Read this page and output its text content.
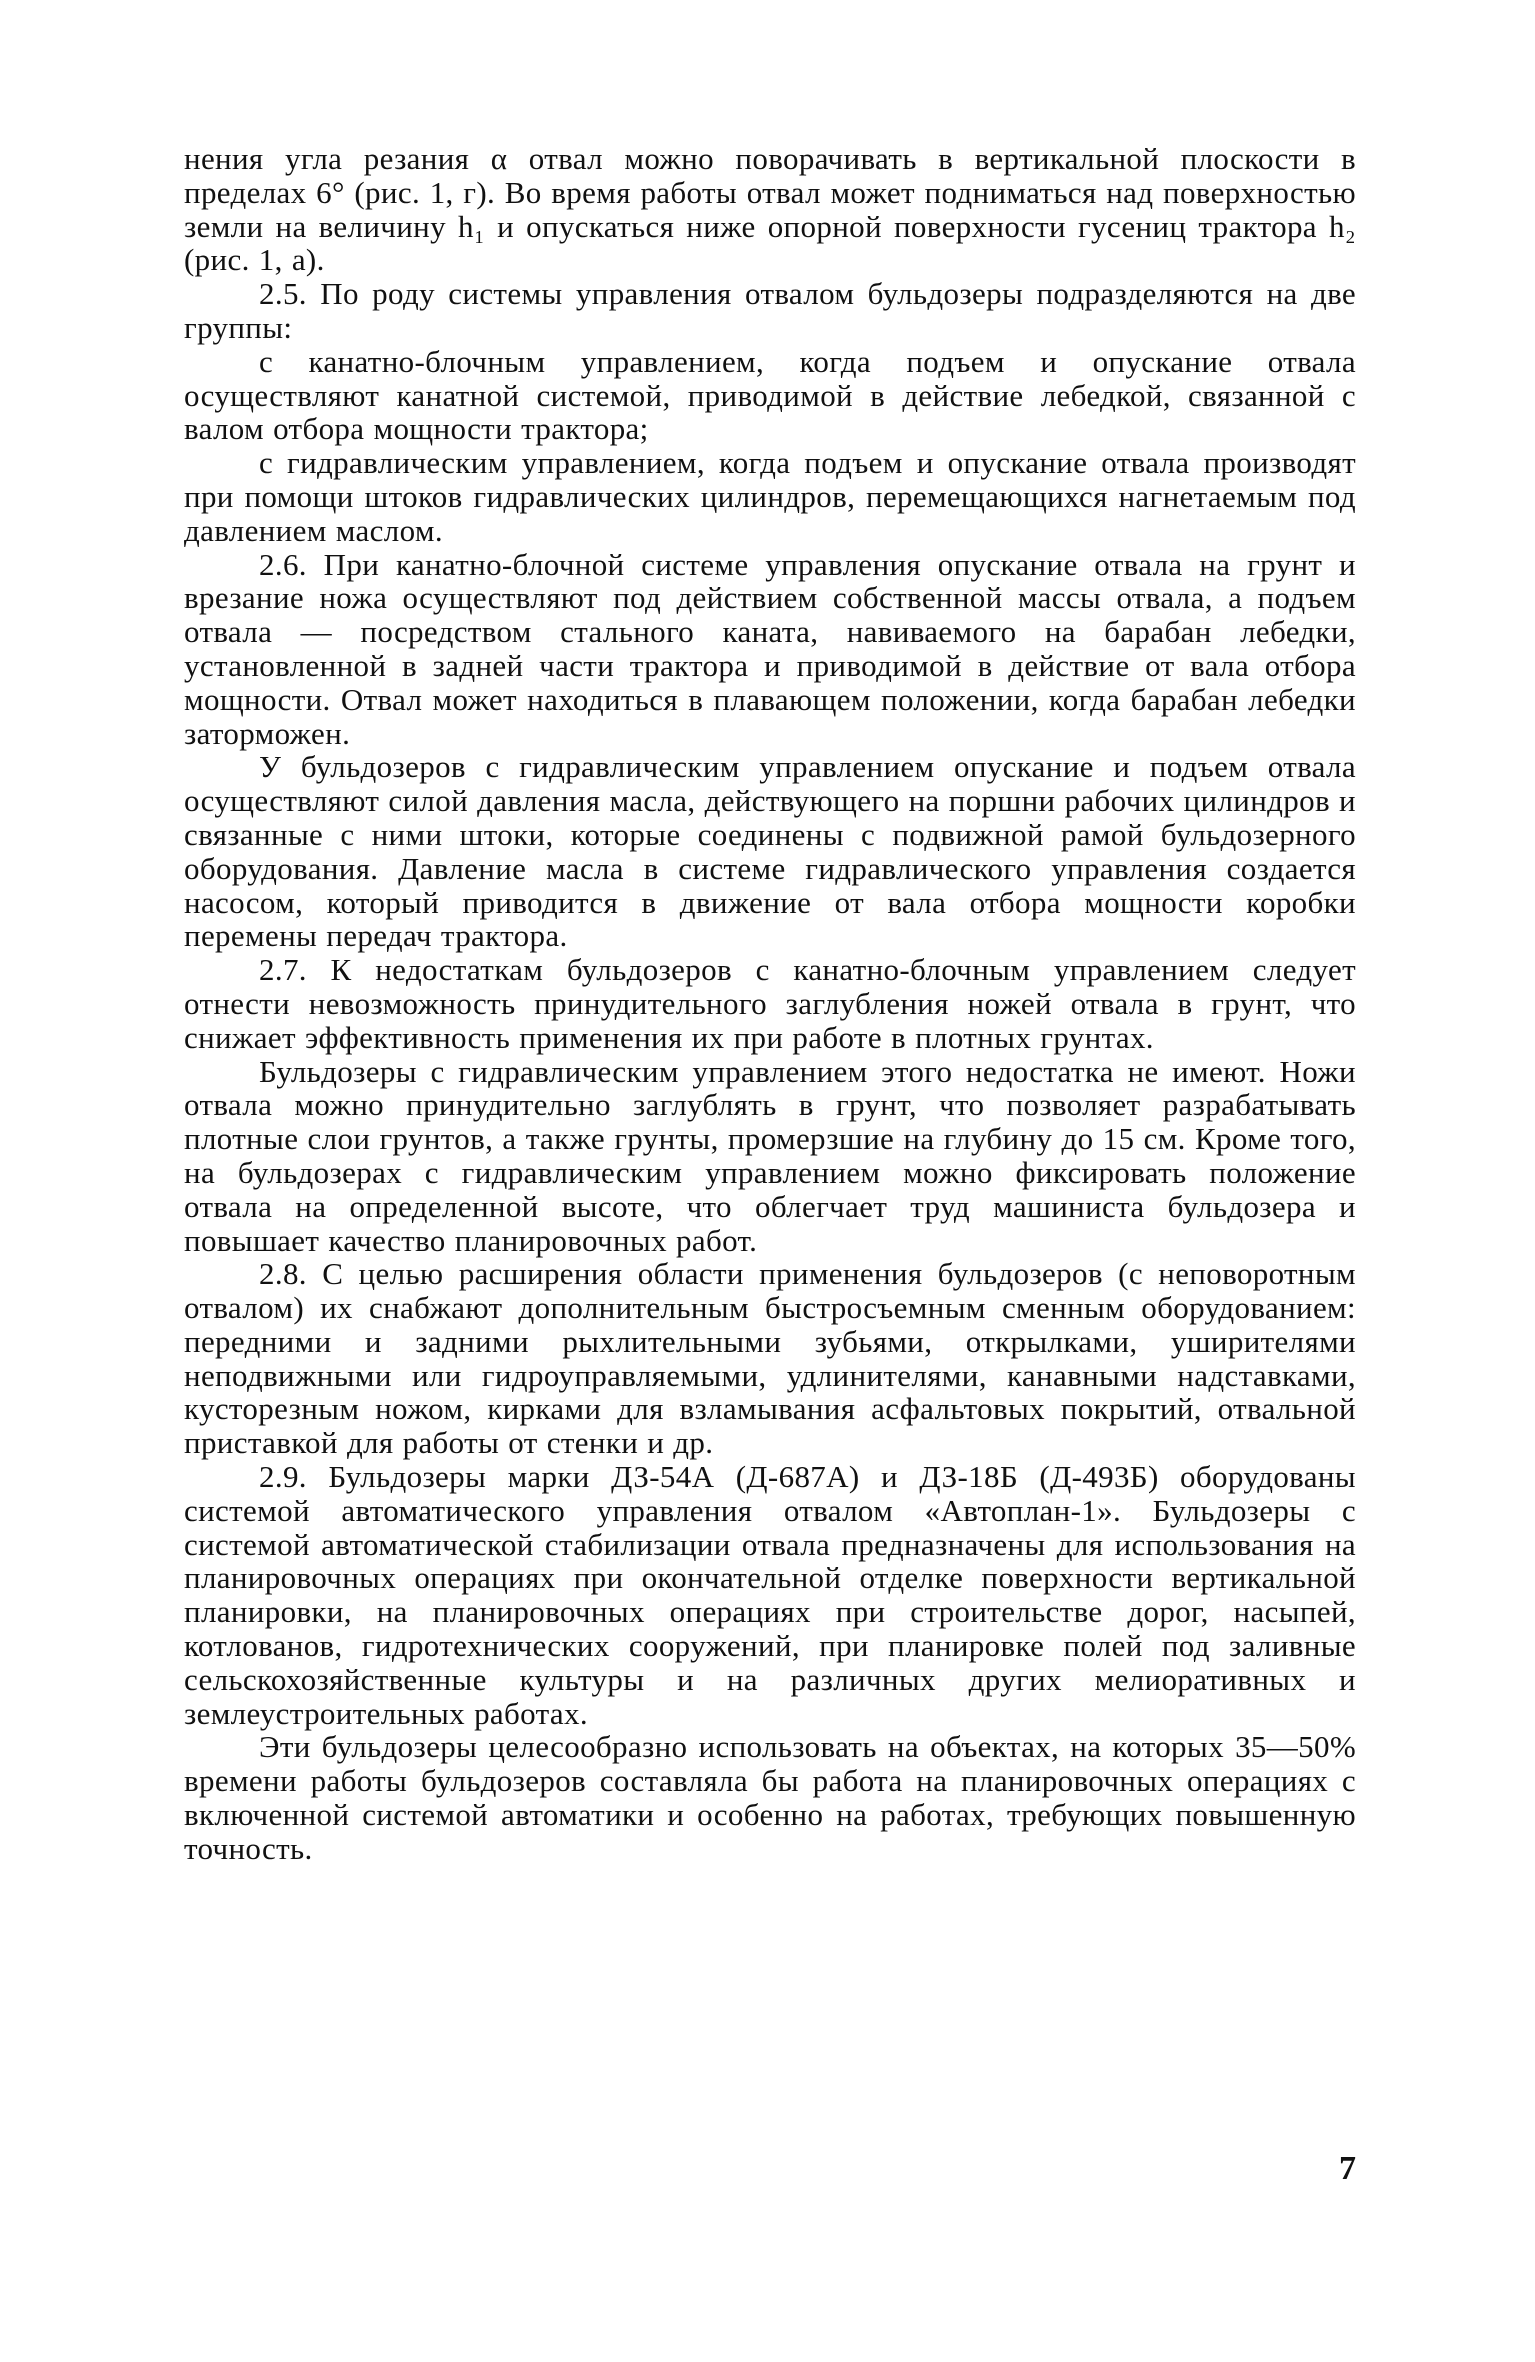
нения угла резания α отвал можно поворачивать в вертикальной плоскости в пределах 6° (рис. 1, г). Во время работы отвал может подниматься над поверхностью земли на величину h₁ и опускаться ниже опорной поверхности гусениц трактора h₂ (рис. 1, а).

2.5. По роду системы управления отвалом бульдозеры подразделяются на две группы:

с канатно-блочным управлением, когда подъем и опускание отвала осуществляют канатной системой, приводимой в действие лебедкой, связанной с валом отбора мощности трактора;

с гидравлическим управлением, когда подъем и опускание отвала производят при помощи штоков гидравлических цилиндров, перемещающихся нагнетаемым под давлением маслом.

2.6. При канатно-блочной системе управления опускание отвала на грунт и врезание ножа осуществляют под действием собственной массы отвала, а подъем отвала — посредством стального каната, навиваемого на барабан лебедки, установленной в задней части трактора и приводимой в действие от вала отбора мощности. Отвал может находиться в плавающем положении, когда барабан лебедки заторможен.

У бульдозеров с гидравлическим управлением опускание и подъем отвала осуществляют силой давления масла, действующего на поршни рабочих цилиндров и связанные с ними штоки, которые соединены с подвижной рамой бульдозерного оборудования. Давление масла в системе гидравлического управления создается насосом, который приводится в движение от вала отбора мощности коробки перемены передач трактора.

2.7. К недостаткам бульдозеров с канатно-блочным управлением следует отнести невозможность принудительного заглубления ножей отвала в грунт, что снижает эффективность применения их при работе в плотных грунтах.

Бульдозеры с гидравлическим управлением этого недостатка не имеют. Ножи отвала можно принудительно заглублять в грунт, что позволяет разрабатывать плотные слои грунтов, а также грунты, промерзшие на глубину до 15 см. Кроме того, на бульдозерах с гидравлическим управлением можно фиксировать положение отвала на определенной высоте, что облегчает труд машиниста бульдозера и повышает качество планировочных работ.

2.8. С целью расширения области применения бульдозеров (с неповоротным отвалом) их снабжают дополнительным быстросъемным сменным оборудованием: передними и задними рыхлительными зубьями, открылками, уширителями неподвижными или гидроуправляемыми, удлинителями, канавными надставками, кусторезным ножом, кирками для взламывания асфальтовых покрытий, отвальной приставкой для работы от стенки и др.

2.9. Бульдозеры марки ДЗ-54А (Д-687А) и ДЗ-18Б (Д-493Б) оборудованы системой автоматического управления отвалом «Автоплан-1». Бульдозеры с системой автоматической стабилизации отвала предназначены для использования на планировочных операциях при окончательной отделке поверхности вертикальной планировки, на планировочных операциях при строительстве дорог, насыпей, котлованов, гидротехнических сооружений, при планировке полей под заливные сельскохозяйственные культуры и на различных других мелиоративных и землеустроительных работах.

Эти бульдозеры целесообразно использовать на объектах, на которых 35—50% времени работы бульдозеров составляла бы работа на планировочных операциях с включенной системой автоматики и особенно на работах, требующих повышенную точность.

7
